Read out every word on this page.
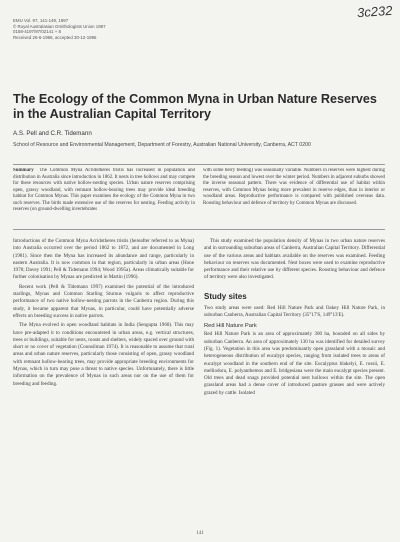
3c232
EMU Vol. 97, 141-149, 1997
© Royal Australasian Ornithologists Union 1997
0158-4197/97/02141 + 8
Received 26-6-1996, accepted 30-12-1996
The Ecology of the Common Myna in Urban Nature Reserves in the Australian Capital Territory
A.S. Pell and C.R. Tidemann
School of Resource and Environmental Management, Department of Forestry, Australian National University, Canberra, ACT 0200
Summary The Common Myna Acridotheres tristis has increased in population and distribution in Australia since introduction in 1862. It nests in tree hollows and may compete for these resources with native hollow-nesting species. Urban nature reserves comprising open, grassy woodland, with remnant hollow-bearing trees may provide ideal breeding habitat for Common Mynas. This paper examines the ecology of the Common Myna in two such reserves. The birds made extensive use of the reserves for nesting. Feeding activity in reserves (on ground-dwelling invertebrates
with some berry feeding) was seasonally variable. Numbers in reserves were highest during the breeding season and lowest over the winter period. Numbers in adjacent suburbs showed the inverse seasonal pattern. There was evidence of differential use of habitat within reserves, with Common Mynas being more prevalent in reserve edges, than in interior or woodland areas. Reproductive performance is compared with published overseas data. Roosting behaviour and defence of territory by Common Mynas are discussed.

Introductions of the Common Myna Acridotheres tristis (hereafter referred to as Myna) into Australia occurred over the period 1862 to 1872, and are documented in Long (1981). Since then the Myna has increased its abundance and range, particularly in eastern Australia. It is now common in that region, particularly in urban areas (Hone 1978; Davey 1991; Pell & Tidemann 1994; Wood 1995a). Areas climatically suitable for further colonisation by Mynas are predicted in Martin (1996).

Recent work (Pell & Tidemann 1997) examined the potential of the introduced starlings, Mynas and Common Starling Sturnus vulgaris to affect reproductive performance of two native hollow-nesting parrots in the Canberra region. During this study, it became apparent that Mynas, in particular, could have potentially adverse effects on breeding success in native parrots.

The Myna evolved in open woodland habitats in India (Sengupta 1968). This may have pre-adapted it to conditions encountered in urban areas, e.g. vertical structures, trees or buildings, suitable for nests, roosts and shelters, widely spaced over ground with short or no cover of vegetation (Counsilman 1974). It is reasonable to assume that rural areas and urban nature reserves, particularly those consisting of open, grassy woodland with remnant hollow-bearing trees, may provide appropriate breeding environments for Mynas, which in turn may pose a threat to native species. Unfortunately, there is little information on the prevalence of Mynas in such areas nor on the use of them for breeding and feeding.

This study examined the population density of Mynas in two urban nature reserves and in surrounding suburban areas of Canberra, Australian Capital Territory. Differential use of the various areas and habitats available on the reserves was examined. Feeding behaviour on reserves was documented. Nest boxes were used to examine reproductive performance and their relative use by different species. Roosting behaviour and defence of territory were also investigated.

Study sites

Two study areas were used: Red Hill Nature Park and Oakey Hill Nature Park, in suburban Canberra, Australian Capital Territory (35°17'S, 149°13'E).

Red Hill Nature Park

Red Hill Nature Park is an area of approximately 300 ha, bounded on all sides by suburban Canberra. An area of approximately 130 ha was identified for detailed survey (Fig. 1). Vegetation in this area was predominantly open grassland with a mosaic and heterogeneous distribution of eucalypt species, ranging from isolated trees to areas of eucalypt woodland in the southern end of the site. Eucalyptus blakelyi, E. rossii, E. melliodora, E. polyanthemos and E. bridgesiana were the main eucalypt species present. Old trees and dead snags provided potential nest hollows within the site. The open grassland areas had a dense cover of introduced pasture grasses and were actively grazed by cattle. Isolated

141
